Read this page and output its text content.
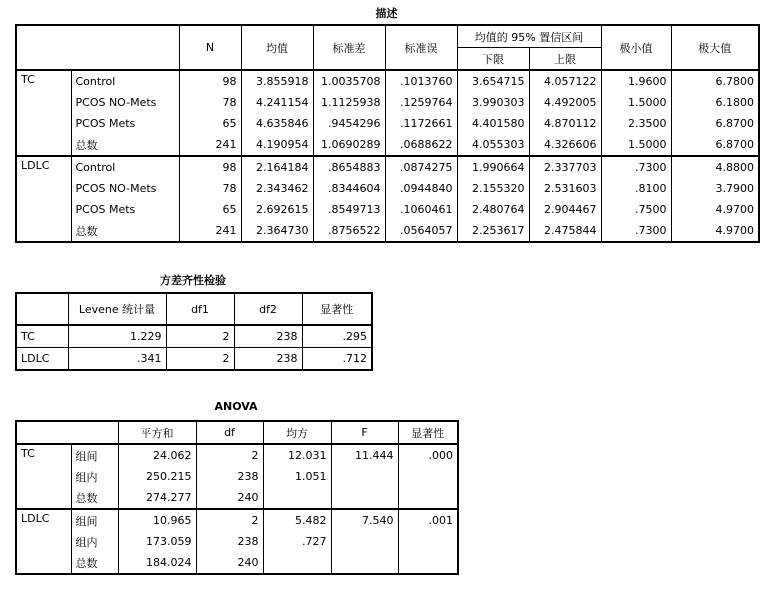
描述
		N	均值	标准差	标准误	均值的 95% 置信区间		极小值	极大值
						下限	上限		
TC	Control	98	3.855918	1.0035708	.1013760	3.654715	4.057122	1.9600	6.7800
	PCOS NO-Mets	78	4.241154	1.1125938	.1259764	3.990303	4.492005	1.5000	6.1800
	PCOS Mets	65	4.635846	.9454296	.1172661	4.401580	4.870112	2.3500	6.8700
	总数	241	4.190954	1.0690289	.0688622	4.055303	4.326606	1.5000	6.8700
LDLC	Control	98	2.164184	.8654883	.0874275	1.990664	2.337703	.7300	4.8800
	PCOS NO-Mets	78	2.343462	.8344604	.0944840	2.155320	2.531603	.8100	3.7900
	PCOS Mets	65	2.692615	.8549713	.1060461	2.480764	2.904467	.7500	4.9700
	总数	241	2.364730	.8756522	.0564057	2.253617	2.475844	.7300	4.9700
方差齐性检验
	Levene 统计量	df1	df2	显著性
TC	1.229	2	238	.295
LDLC	.341	2	238	.712
ANOVA
		平方和	df	均方	F	显著性
TC	组间	24.062	2	12.031	11.444	.000
	组内	250.215	238	1.051		
	总数	274.277	240			
LDLC	组间	10.965	2	5.482	7.540	.001
	组内	173.059	238	.727		
	总数	184.024	240			
